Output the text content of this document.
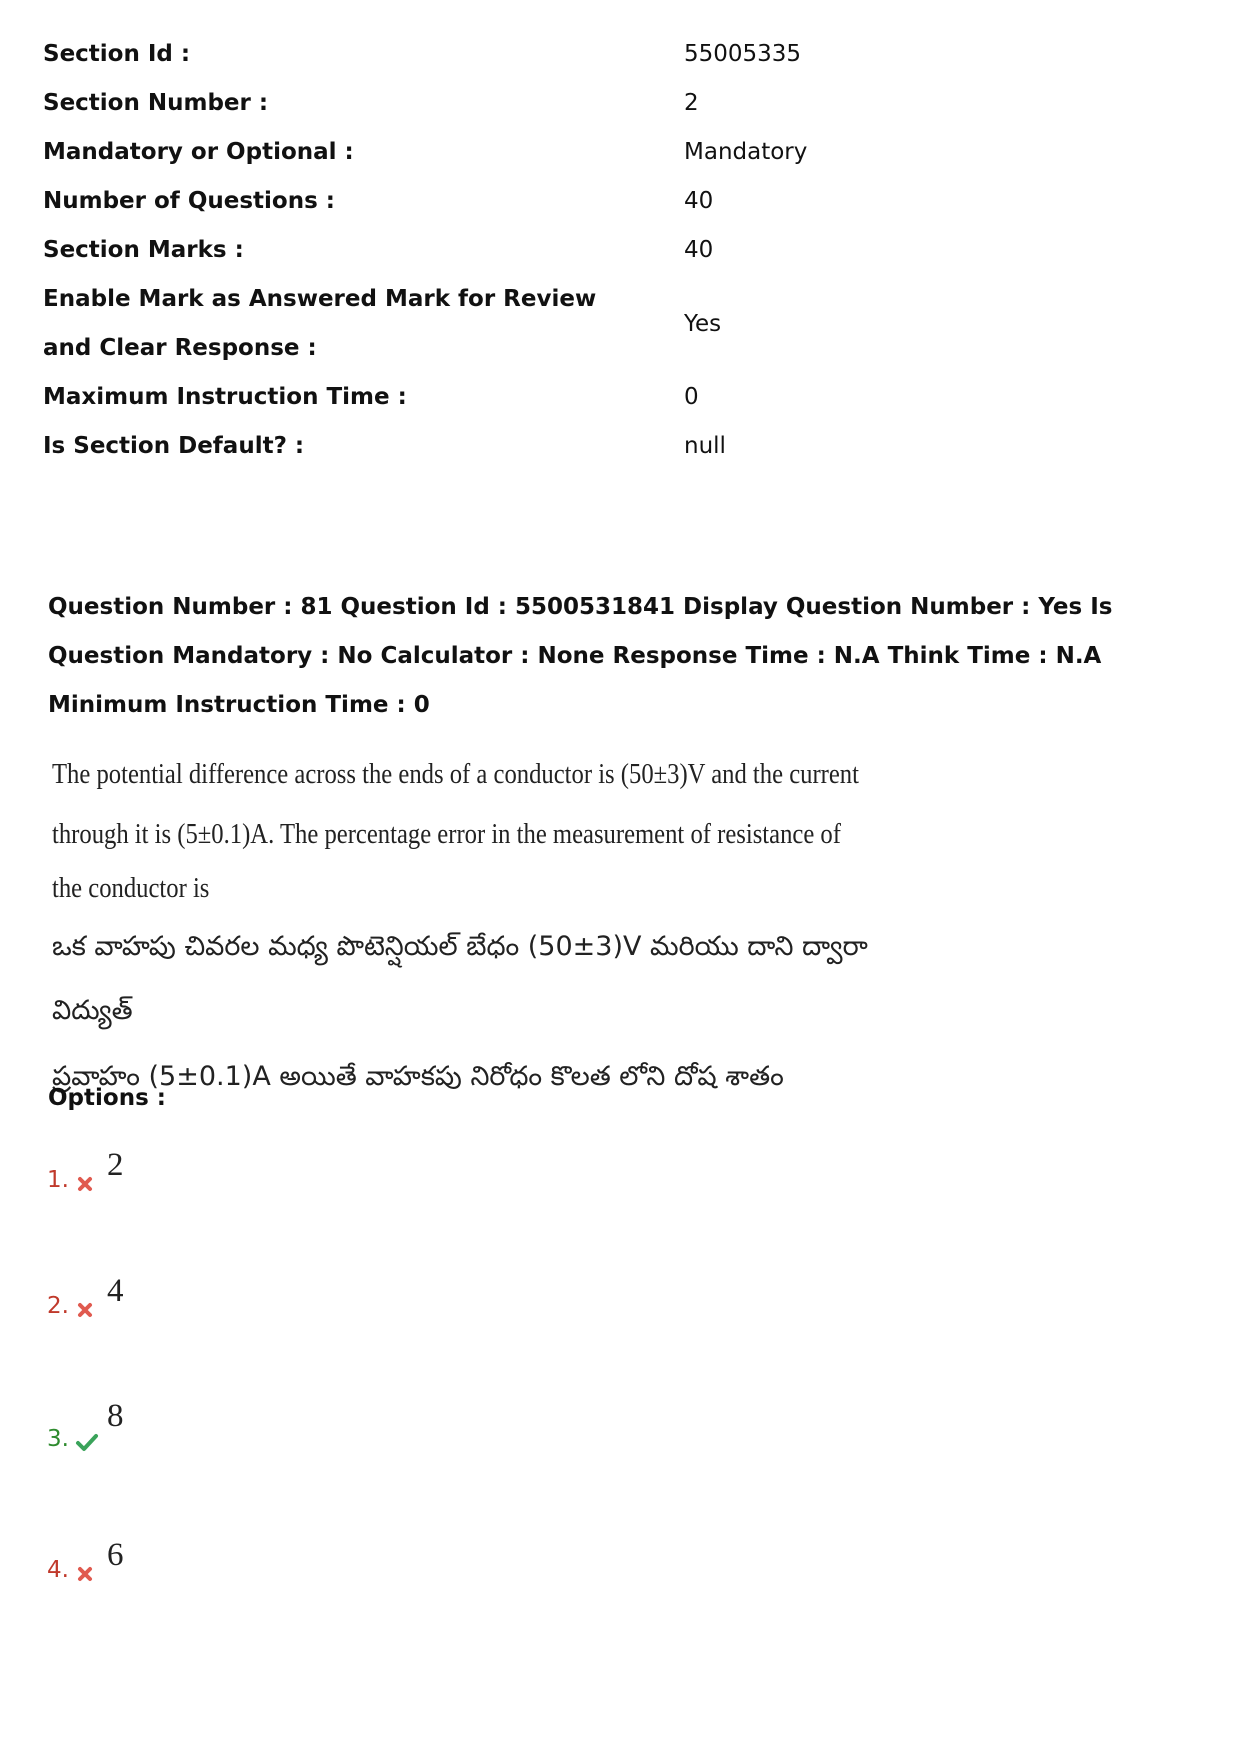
Section Id :	55005335
Section Number :	2
Mandatory or Optional :	Mandatory
Number of Questions :	40
Section Marks :	40
Enable Mark as Answered Mark for Review and Clear Response :
Yes
Maximum Instruction Time :	0
Is Section Default? :	null
Question Number : 81 Question Id : 5500531841 Display Question Number : Yes Is Question Mandatory : No Calculator : None Response Time : N.A Think Time : N.A Minimum Instruction Time : 0
The potential difference across the ends of a conductor is (50±3)V and the current
through it is (5±0.1)A. The percentage error in the measurement of resistance of
the conductor is
ఒక వాహపు చివరల మధ్య పొటెన్షియల్ బేధం (50±3)V మరియు దాని ద్వారా విద్యుత్
ప్రవాహం (5±0.1)A అయితే వాహకపు నిరోధం కొలత లోని దోష శాతం
Options :
1. 2
2. 4
3.
8
4. 6
